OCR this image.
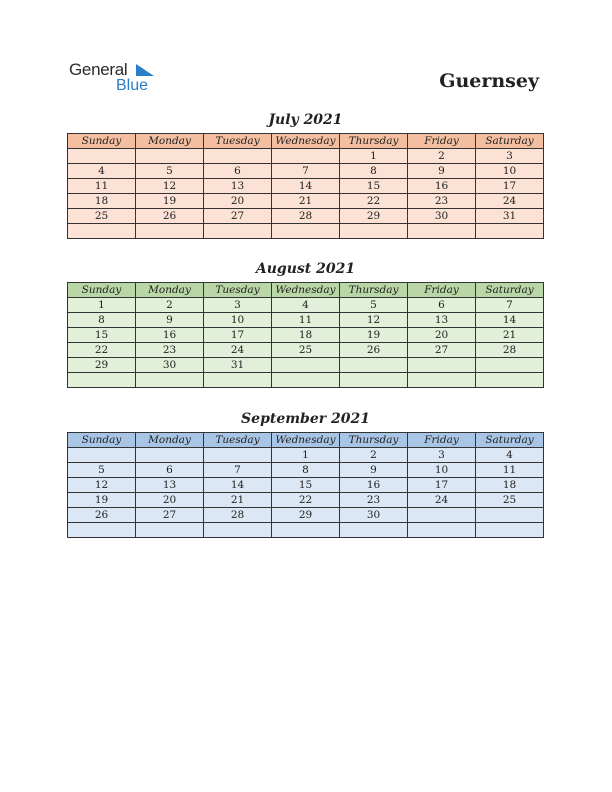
General
Blue	Guernsey
July 2021
Sunday	Monday	Tuesday	Wednesday	Thursday	Friday	Saturday
				1	2	3
4	5	6	7	8	9	10
11	12	13	14	15	16	17
18	19	20	21	22	23	24
25	26	27	28	29	30	31

August 2021
Sunday	Monday	Tuesday	Wednesday	Thursday	Friday	Saturday
1	2	3	4	5	6	7
8	9	10	11	12	13	14
15	16	17	18	19	20	21
22	23	24	25	26	27	28
29	30	31				

September 2021
Sunday	Monday	Tuesday	Wednesday	Thursday	Friday	Saturday
			1	2	3	4
5	6	7	8	9	10	11
12	13	14	15	16	17	18
19	20	21	22	23	24	25
26	27	28	29	30		
